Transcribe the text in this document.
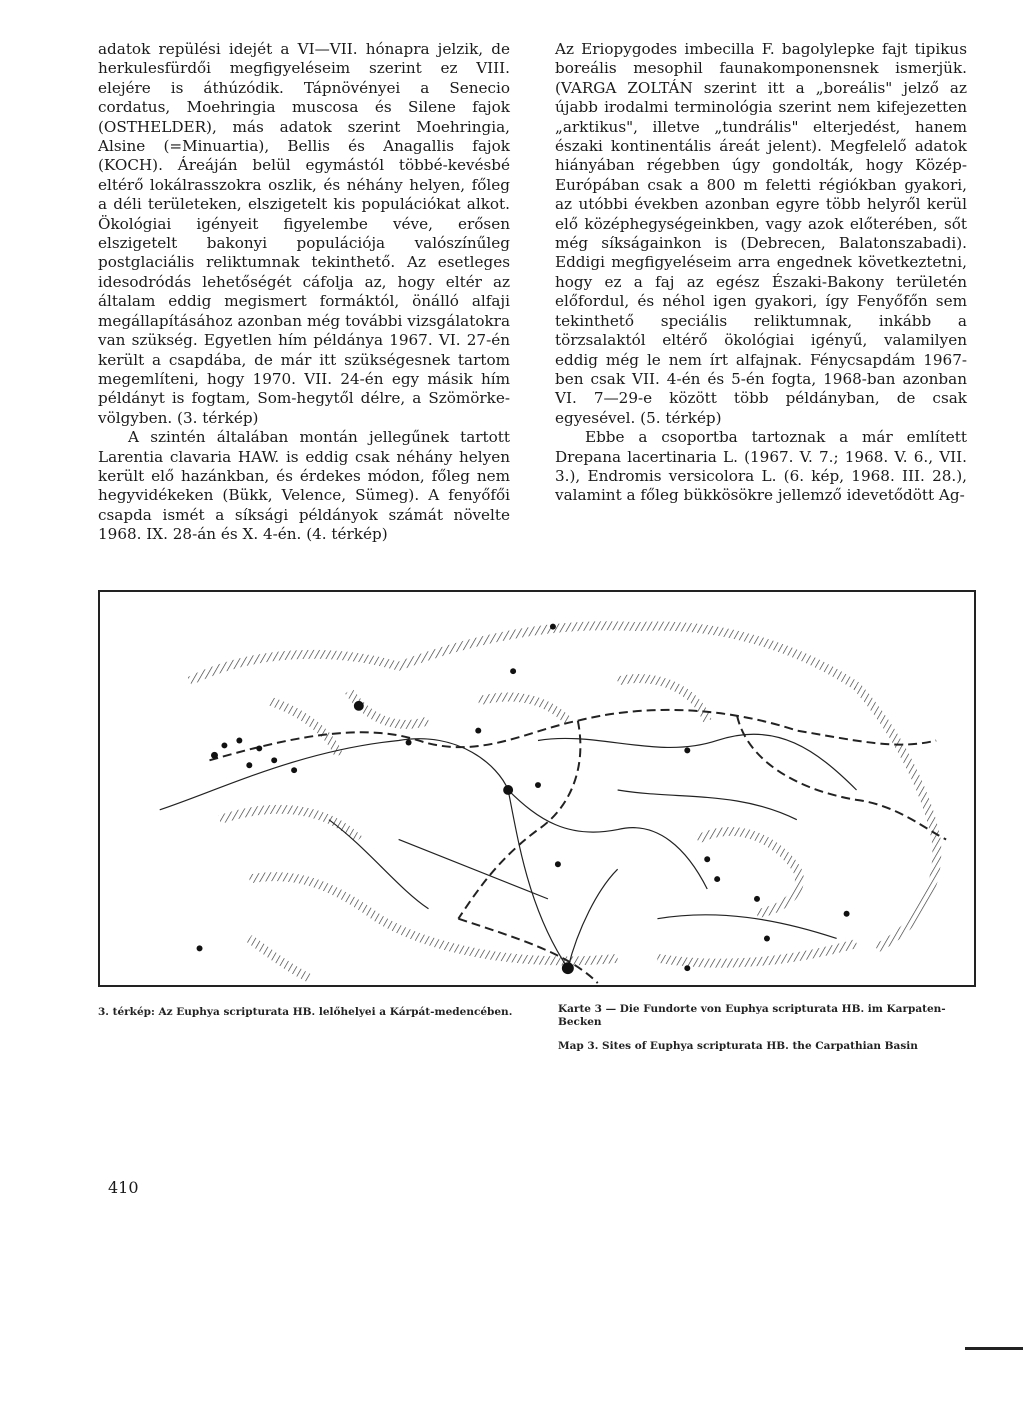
adatok repülési idejét a VI—VII. hónapra jelzik, de herkulesfürdői megfigyeléseim szerint ez VIII. elejére is áthúzódik. Tápnövényei a Senecio cordatus, Moehringia muscosa és Silene fajok (OSTHELDER), más adatok szerint Moehringia, Alsine (=Minuartia), Bellis és Anagallis fajok (KOCH). Áreáján belül egymástól többé-kevésbé eltérő lokálrasszokra oszlik, és néhány helyen, főleg a déli területeken, elszigetelt kis populációkat alkot. Ökológiai igényeit figyelembe véve, erősen elszigetelt bakonyi populációja valószínűleg postglaciális reliktumnak tekinthető. Az esetleges idesodródás lehetőségét cáfolja az, hogy eltér az általam eddig megismert formáktól, önálló alfaji megállapításához azonban még további vizsgálatokra van szükség. Egyetlen hím példánya 1967. VI. 27-én került a csapdába, de már itt szükségesnek tartom megemlíteni, hogy 1970. VII. 24-én egy másik hím példányt is fogtam, Som-hegytől délre, a Szömörke-völgyben. (3. térkép)

A szintén általában montán jellegűnek tartott Larentia clavaria HAW. is eddig csak néhány helyen került elő hazánkban, és érdekes módon, főleg nem hegyvidékeken (Bükk, Velence, Sümeg). A fenyőfői csapda ismét a síksági példányok számát növelte 1968. IX. 28-án és X. 4-én. (4. térkép)

Az Eriopygodes imbecilla F. bagolylepke fajt tipikus boreális mesophil faunakomponensnek ismerjük. (VARGA ZOLTÁN szerint itt a „boreális" jelző az újabb irodalmi terminológia szerint nem kifejezetten „arktikus", illetve „tundrális" elterjedést, hanem északi kontinentális áreát jelent). Megfelelő adatok hiányában régebben úgy gondolták, hogy Közép-Európában csak a 800 m feletti régiókban gyakori, az utóbbi években azonban egyre több helyről kerül elő középhegységeinkben, vagy azok előterében, sőt még síkságainkon is (Debrecen, Balatonszabadi). Eddigi megfigyeléseim arra engednek következtetni, hogy ez a faj az egész Északi-Bakony területén előfordul, és néhol igen gyakori, így Fenyőfőn sem tekinthető speciális reliktumnak, inkább a törzsalaktól eltérő ökológiai igényű, valamilyen eddig még le nem írt alfajnak. Fénycsapdám 1967-ben csak VII. 4-én és 5-én fogta, 1968-ban azonban VI. 7—29-e között több példányban, de csak egyesével. (5. térkép)

Ebbe a csoportba tartoznak a már említett Drepana lacertinaria L. (1967. V. 7.; 1968. V. 6., VII. 3.), Endromis versicolora L. (6. kép, 1968. III. 28.), valamint a főleg bükkösökre jellemző idevetődött Ag-

3. térkép: Az Euphya scripturata HB. lelőhelyei a Kárpát-medencében.	Karte 3 — Die Fundorte von Euphya scripturata HB. im Karpaten-Becken
Map 3. Sites of Euphya scripturata HB. the Carpathian Basin
410
